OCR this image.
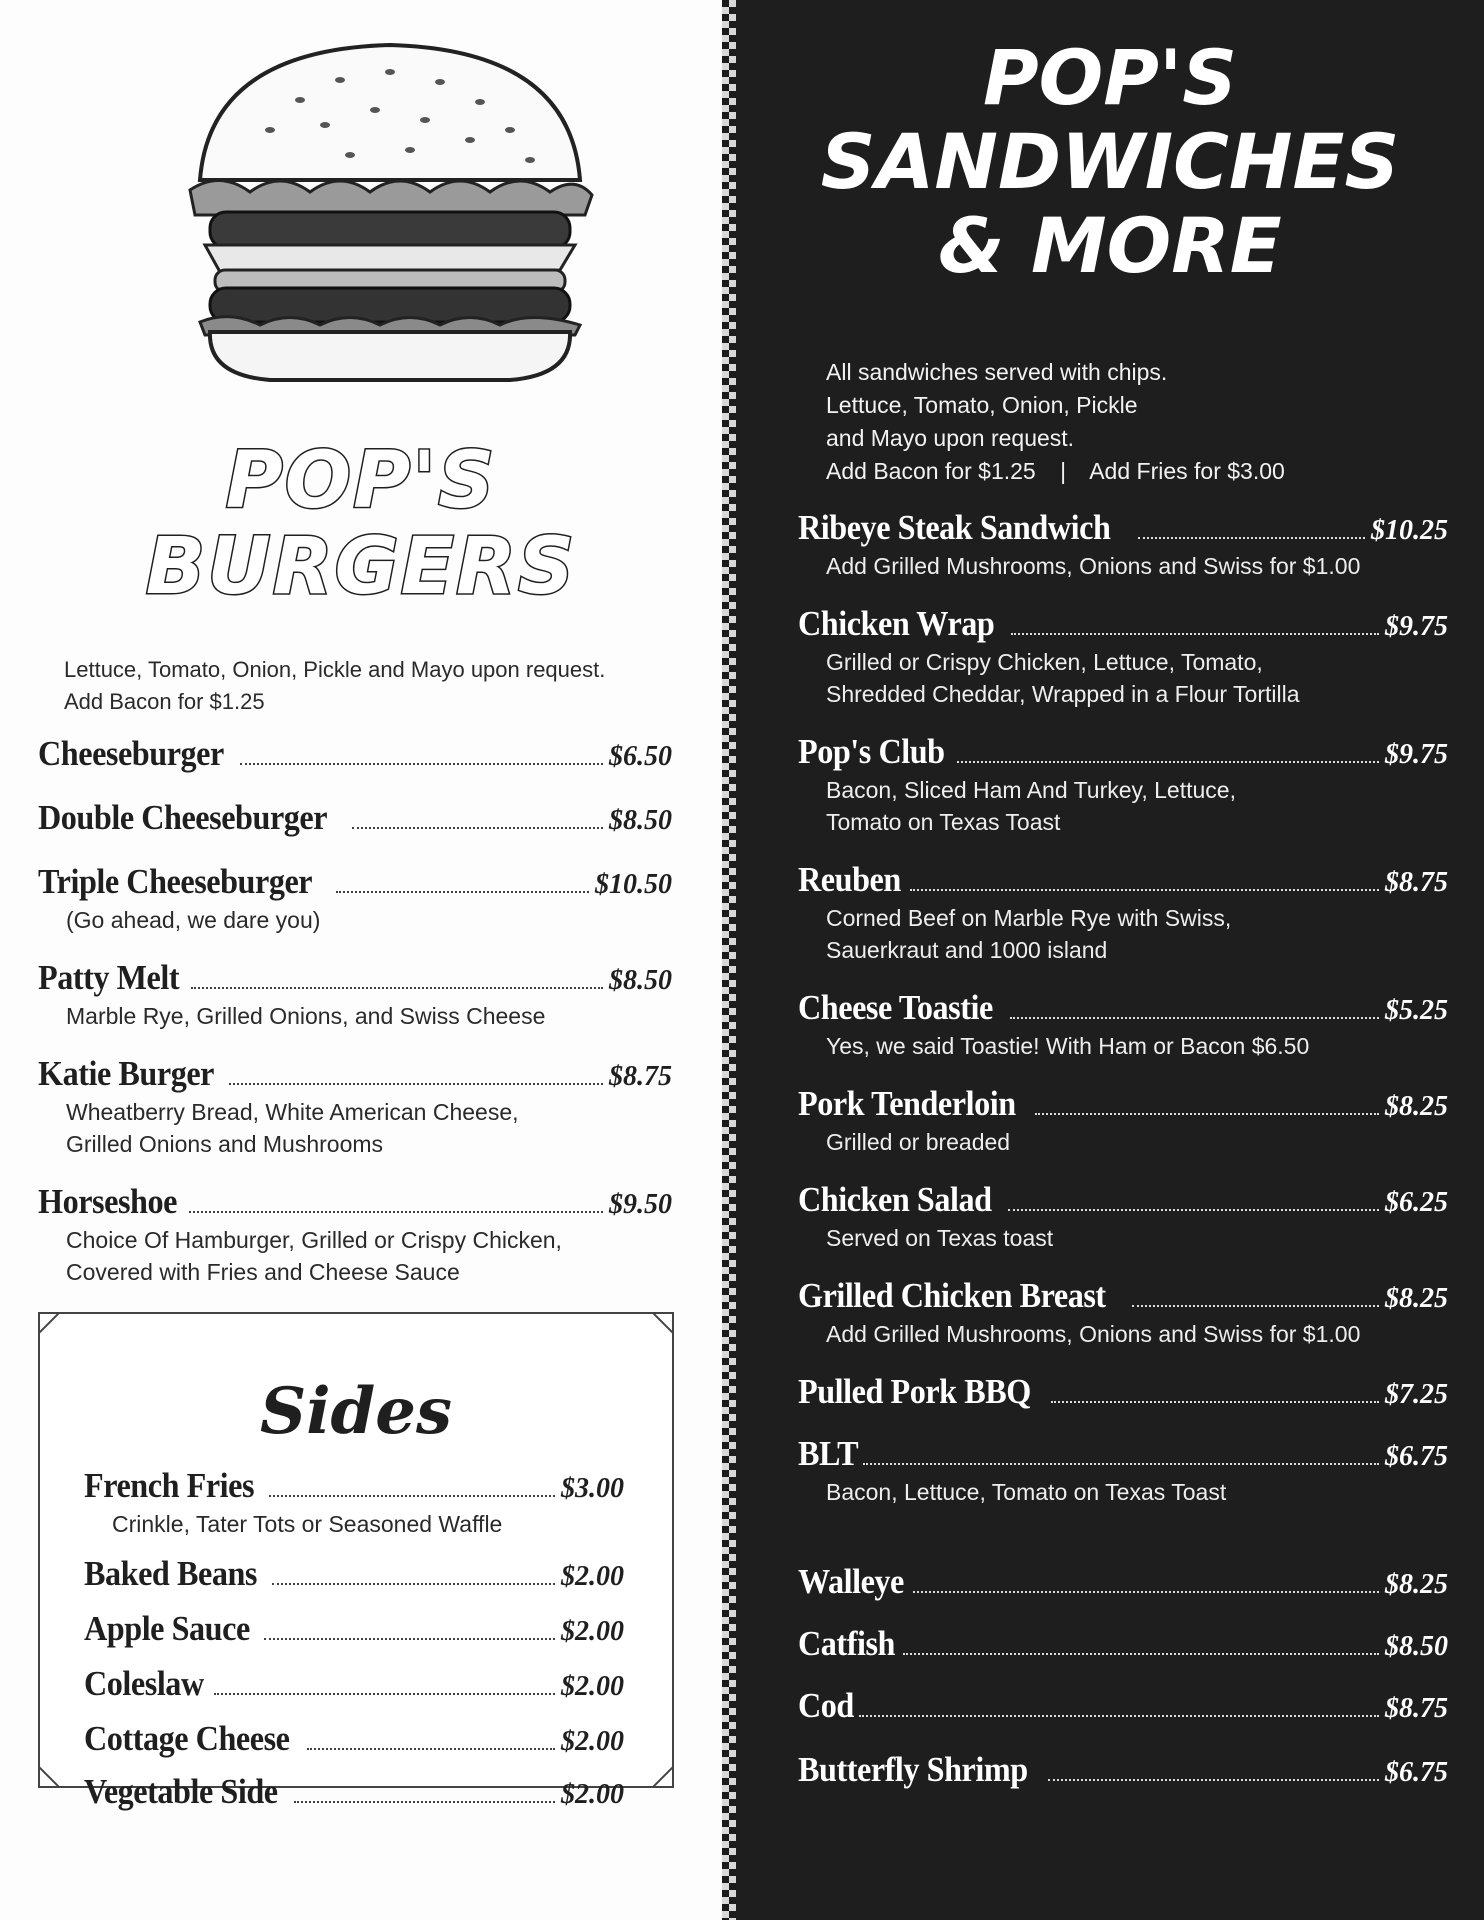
POP'S
BURGERS
Lettuce, Tomato, Onion, Pickle and Mayo upon request.
Add Bacon for $1.25
Cheeseburger	$6.50
Double Cheeseburger	$8.50
Triple Cheeseburger	$10.50
(Go ahead, we dare you)
Patty Melt	$8.50
Marble Rye, Grilled Onions, and Swiss Cheese
Katie Burger	$8.75
Wheatberry Bread, White American Cheese,
Grilled Onions and Mushrooms
Horseshoe	$9.50
Choice Of Hamburger, Grilled or Crispy Chicken,
Covered with Fries and Cheese Sauce
Sides
French Fries	$3.00
Crinkle, Tater Tots or Seasoned Waffle
Baked Beans	$2.00
Apple Sauce	$2.00
Coleslaw	$2.00
Cottage Cheese	$2.00
Vegetable Side	$2.00
POP'S
SANDWICHES
& MORE
All sandwiches served with chips.
Lettuce, Tomato, Onion, Pickle
and Mayo upon request.
Add Bacon for $1.25 | Add Fries for $3.00
Ribeye Steak Sandwich	$10.25
Add Grilled Mushrooms, Onions and Swiss for $1.00
Chicken Wrap	$9.75
Grilled or Crispy Chicken, Lettuce, Tomato,
Shredded Cheddar, Wrapped in a Flour Tortilla
Pop's Club	$9.75
Bacon, Sliced Ham And Turkey, Lettuce,
Tomato on Texas Toast
Reuben	$8.75
Corned Beef on Marble Rye with Swiss,
Sauerkraut and 1000 island
Cheese Toastie	$5.25
Yes, we said Toastie! With Ham or Bacon $6.50
Pork Tenderloin	$8.25
Grilled or breaded
Chicken Salad	$6.25
Served on Texas toast
Grilled Chicken Breast	$8.25
Add Grilled Mushrooms, Onions and Swiss for $1.00
Pulled Pork BBQ	$7.25
BLT	$6.75
Bacon, Lettuce, Tomato on Texas Toast
Walleye	$8.25
Catfish	$8.50
Cod	$8.75
Butterfly Shrimp	$6.75
